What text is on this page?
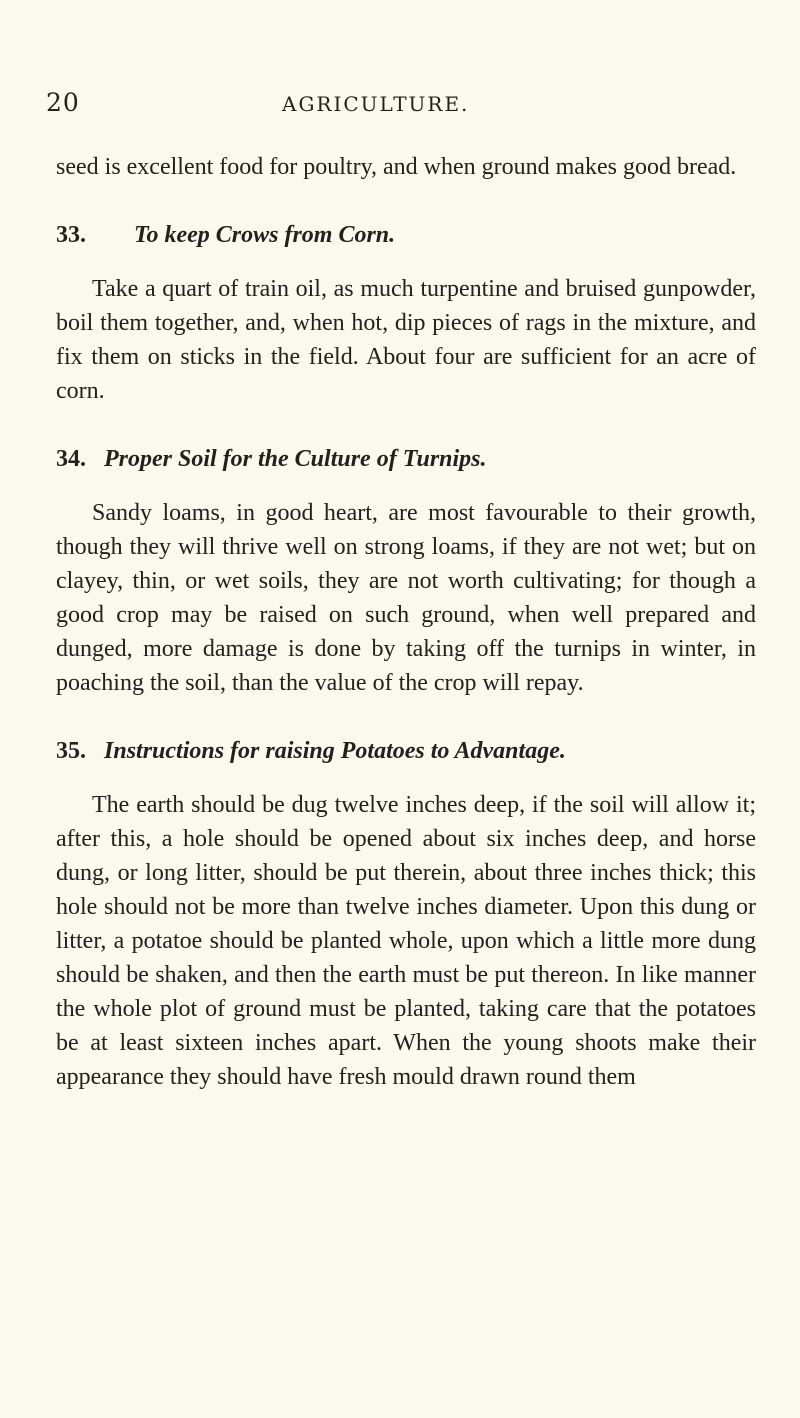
20	AGRICULTURE.

seed is excellent food for poultry, and when ground makes good bread.

33.	To keep Crows from Corn.

Take a quart of train oil, as much turpentine and bruised gunpowder, boil them together, and, when hot, dip pieces of rags in the mixture, and fix them on sticks in the field. About four are sufficient for an acre of corn.

34. Proper Soil for the Culture of Turnips.

Sandy loams, in good heart, are most favourable to their growth, though they will thrive well on strong loams, if they are not wet; but on clayey, thin, or wet soils, they are not worth cultivating; for though a good crop may be raised on such ground, when well prepared and dunged, more damage is done by taking off the turnips in winter, in poaching the soil, than the value of the crop will repay.

35. Instructions for raising Potatoes to Advantage.

The earth should be dug twelve inches deep, if the soil will allow it; after this, a hole should be opened about six inches deep, and horse dung, or long litter, should be put therein, about three inches thick; this hole should not be more than twelve inches diameter. Upon this dung or litter, a potatoe should be planted whole, upon which a little more dung should be shaken, and then the earth must be put thereon. In like manner the whole plot of ground must be planted, taking care that the potatoes be at least sixteen inches apart. When the young shoots make their appearance they should have fresh mould drawn round them
